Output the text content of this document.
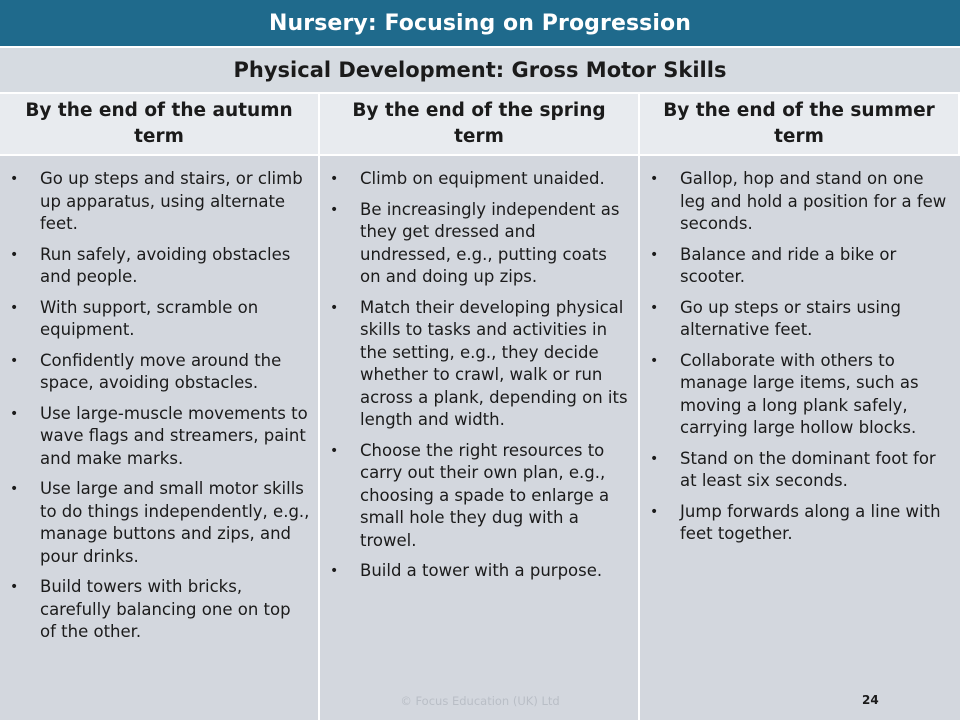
Nursery: Focusing on Progression
Physical Development: Gross Motor Skills
By the end of the autumn term
By the end of the spring term
By the end of the summer term
• Go up steps and stairs, or climb up apparatus, using alternate feet.
• Run safely, avoiding obstacles and people.
• With support, scramble on equipment.
• Confidently move around the space, avoiding obstacles.
• Use large-muscle movements to wave flags and streamers, paint and make marks.
• Use large and small motor skills to do things independently, e.g., manage buttons and zips, and pour drinks.
• Build towers with bricks, carefully balancing one on top of the other.
• Climb on equipment unaided.
• Be increasingly independent as they get dressed and undressed, e.g., putting coats on and doing up zips.
• Match their developing physical skills to tasks and activities in the setting, e.g., they decide whether to crawl, walk or run across a plank, depending on its length and width.
• Choose the right resources to carry out their own plan, e.g., choosing a spade to enlarge a small hole they dug with a trowel.
• Build a tower with a purpose.
• Gallop, hop and stand on one leg and hold a position for a few seconds.
• Balance and ride a bike or scooter.
• Go up steps or stairs using alternative feet.
• Collaborate with others to manage large items, such as moving a long plank safely, carrying large hollow blocks.
• Stand on the dominant foot for at least six seconds.
• Jump forwards along a line with feet together.
© Focus Education (UK) Ltd	24
